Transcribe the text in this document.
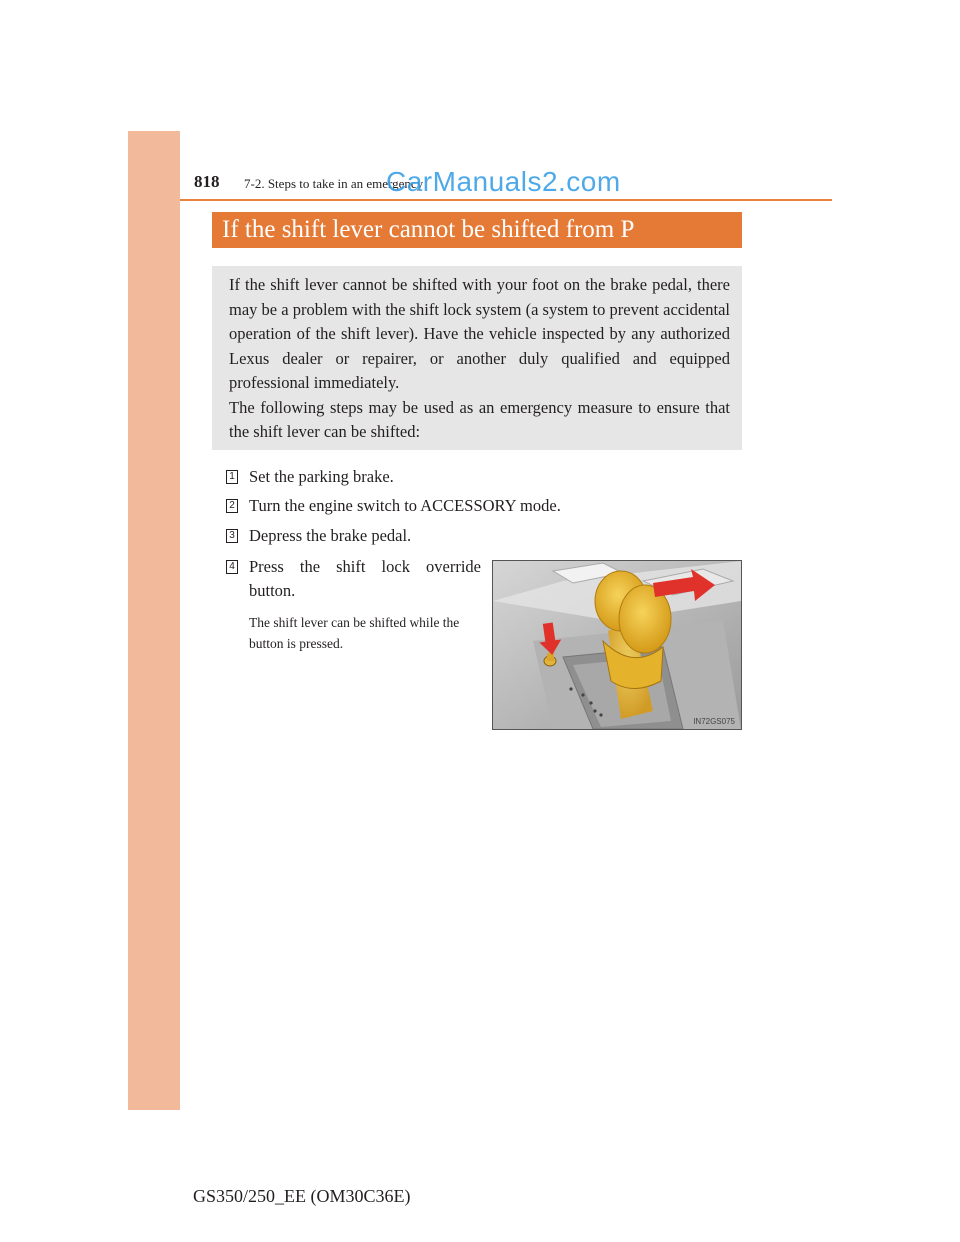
818 7-2. Steps to take in an emergency
CarManuals2.com
If the shift lever cannot be shifted from P

If the shift lever cannot be shifted with your foot on the brake pedal, there may be a problem with the shift lock system (a system to prevent accidental operation of the shift lever). Have the vehicle inspected by any authorized Lexus dealer or repairer, or another duly qualified and equipped professional immediately.

The following steps may be used as an emergency measure to ensure that the shift lever can be shifted:

1 Set the parking brake.
2 Turn the engine switch to ACCESSORY mode.
3 Depress the brake pedal.
4 Press the shift lock override button.
The shift lever can be shifted while the button is pressed.
IN72GS075
GS350/250_EE (OM30C36E)
